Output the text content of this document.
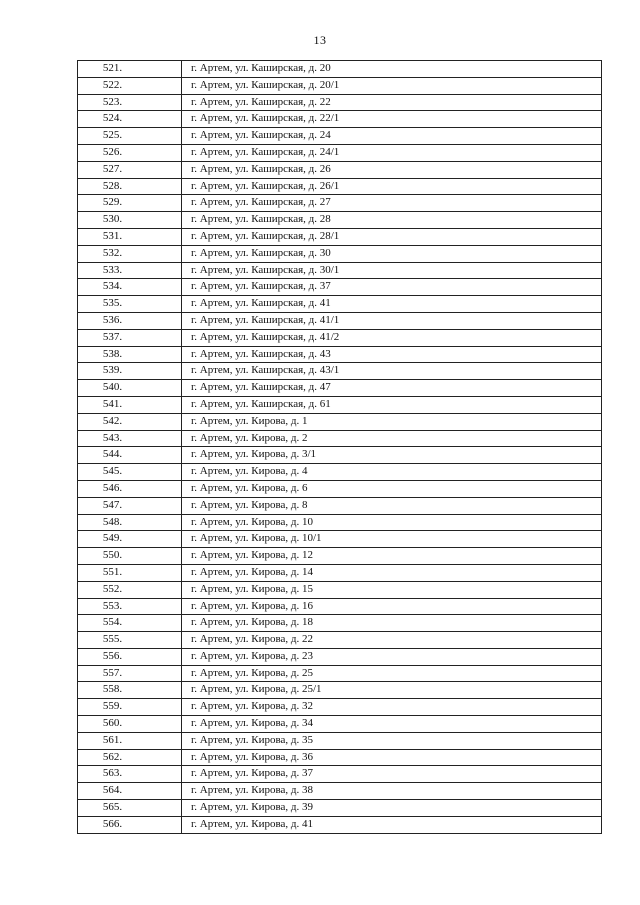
13
521.	г. Артем, ул. Каширская, д. 20
522.	г. Артем, ул. Каширская, д. 20/1
523.	г. Артем, ул. Каширская, д. 22
524.	г. Артем, ул. Каширская, д. 22/1
525.	г. Артем, ул. Каширская, д. 24
526.	г. Артем, ул. Каширская, д. 24/1
527.	г. Артем, ул. Каширская, д. 26
528.	г. Артем, ул. Каширская, д. 26/1
529.	г. Артем, ул. Каширская, д. 27
530.	г. Артем, ул. Каширская, д. 28
531.	г. Артем, ул. Каширская, д. 28/1
532.	г. Артем, ул. Каширская, д. 30
533.	г. Артем, ул. Каширская, д. 30/1
534.	г. Артем, ул. Каширская, д. 37
535.	г. Артем, ул. Каширская, д. 41
536.	г. Артем, ул. Каширская, д. 41/1
537.	г. Артем, ул. Каширская, д. 41/2
538.	г. Артем, ул. Каширская, д. 43
539.	г. Артем, ул. Каширская, д. 43/1
540.	г. Артем, ул. Каширская, д. 47
541.	г. Артем, ул. Каширская, д. 61
542.	г. Артем, ул. Кирова, д. 1
543.	г. Артем, ул. Кирова, д. 2
544.	г. Артем, ул. Кирова, д. 3/1
545.	г. Артем, ул. Кирова, д. 4
546.	г. Артем, ул. Кирова, д. 6
547.	г. Артем, ул. Кирова, д. 8
548.	г. Артем, ул. Кирова, д. 10
549.	г. Артем, ул. Кирова, д. 10/1
550.	г. Артем, ул. Кирова, д. 12
551.	г. Артем, ул. Кирова, д. 14
552.	г. Артем, ул. Кирова, д. 15
553.	г. Артем, ул. Кирова, д. 16
554.	г. Артем, ул. Кирова, д. 18
555.	г. Артем, ул. Кирова, д. 22
556.	г. Артем, ул. Кирова, д. 23
557.	г. Артем, ул. Кирова, д. 25
558.	г. Артем, ул. Кирова, д. 25/1
559.	г. Артем, ул. Кирова, д. 32
560.	г. Артем, ул. Кирова, д. 34
561.	г. Артем, ул. Кирова, д. 35
562.	г. Артем, ул. Кирова, д. 36
563.	г. Артем, ул. Кирова, д. 37
564.	г. Артем, ул. Кирова, д. 38
565.	г. Артем, ул. Кирова, д. 39
566.	г. Артем, ул. Кирова, д. 41
